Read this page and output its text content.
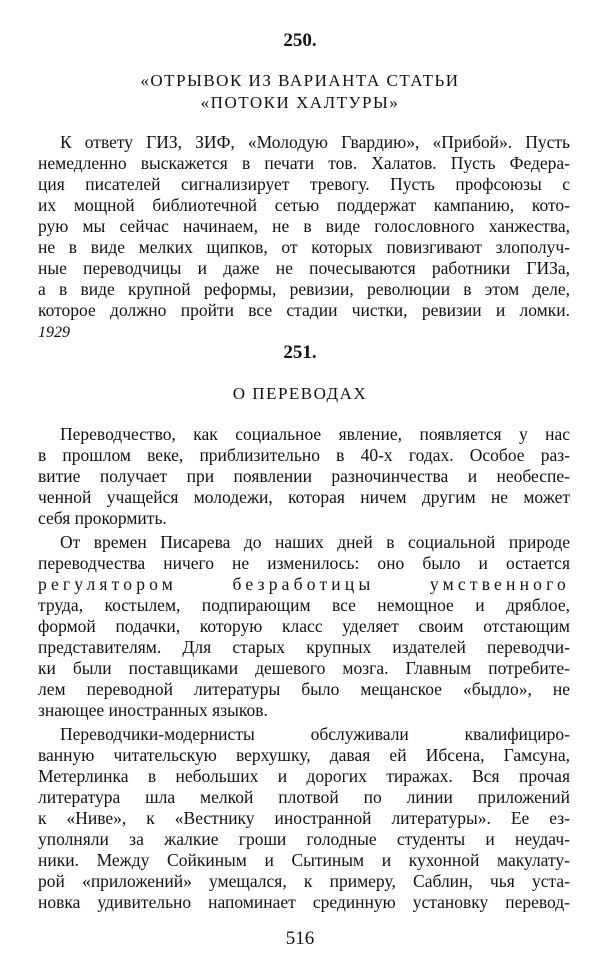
250.
«ОТРЫВОК ИЗ ВАРИАНТА СТАТЬИ
«ПОТОКИ ХАЛТУРЫ»
К ответу ГИЗ, ЗИФ, «Молодую Гвардию», «Прибой». Пусть
немедленно выскажется в печати тов. Халатов. Пусть Федера-
ция писателей сигнализирует тревогу. Пусть профсоюзы с
их мощной библиотечной сетью поддержат кампанию, кото-
рую мы сейчас начинаем, не в виде голословного ханжества,
не в виде мелких щипков, от которых повизгивают злополуч-
ные переводчицы и даже не почесываются работники ГИЗа,
а в виде крупной реформы, ревизии, революции в этом деле,
которое должно пройти все стадии чистки, ревизии и ломки.
1929
251.
О ПЕРЕВОДАХ
Переводчество, как социальное явление, появляется у нас
в прошлом веке, приблизительно в 40-х годах. Особое раз-
витие получает при появлении разночинчества и необеспе-
ченной учащейся молодежи, которая ничем другим не может
себя прокормить.
От времен Писарева до наших дней в социальной природе
переводчества ничего не изменилось: оно было и остается
регулятором безработицы умственного
труда, костылем, подпирающим все немощное и дряблое,
формой подачки, которую класс уделяет своим отстающим
представителям. Для старых крупных издателей переводчи-
ки были поставщиками дешевого мозга. Главным потребите-
лем переводной литературы было мещанское «быдло», не
знающее иностранных языков.
Переводчики-модернисты обслуживали квалифициро-
ванную читательскую верхушку, давая ей Ибсена, Гамсуна,
Метерлинка в небольших и дорогих тиражах. Вся прочая
литература шла мелкой плотвой по линии приложений
к «Ниве», к «Вестнику иностранной литературы». Ее ез-
уполняли за жалкие гроши голодные студенты и неудач-
ники. Между Сойкиным и Сытиным и кухонной макулату-
рой «приложений» умещался, к примеру, Саблин, чья уста-
новка удивительно напоминает срединную установку перевод-
516
